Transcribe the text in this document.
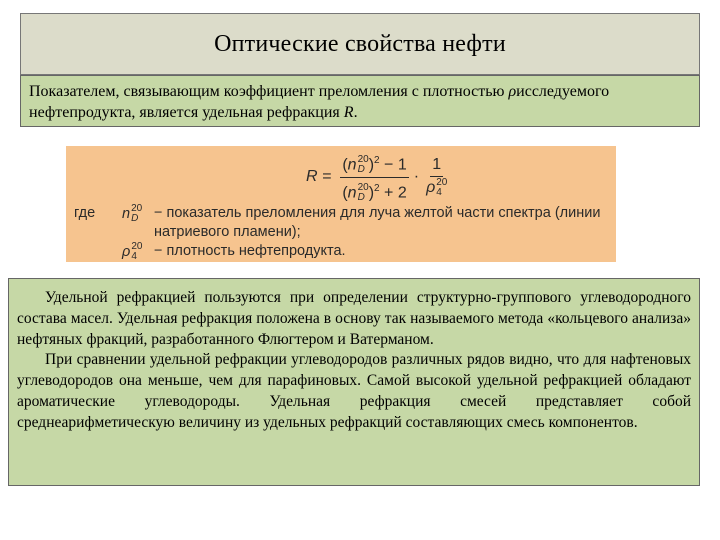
Оптические свойства нефти
Показателем, связывающим коэффициент преломления с плотностью ρисследуемого нефтепродукта, является удельная рефракция R.
R = (n 20
D )$^2$ − 1
(n 20
D )$^2$ + 2 · 1
ρ 20
4
где	n 20
D − показатель преломления для луча желтой части спектра (линии натриевого пламени);
ρ 20
4	− плотность нефтепродукта.

Удельной рефракцией пользуются при определении структурно-группового углеводородного состава масел. Удельная рефракция положена в основу так называемого метода «кольцевого анализа» нефтяных фракций, разработанного Флюгтером и Ватерманом.

При сравнении удельной рефракции углеводородов различных рядов видно, что для нафтеновых углеводородов она меньше, чем для парафиновых. Самой высокой удельной рефракцией обладают ароматические углеводороды. Удельная рефракция смесей представляет собой среднеарифметическую величину из удельных рефракций составляющих смесь компонентов.
